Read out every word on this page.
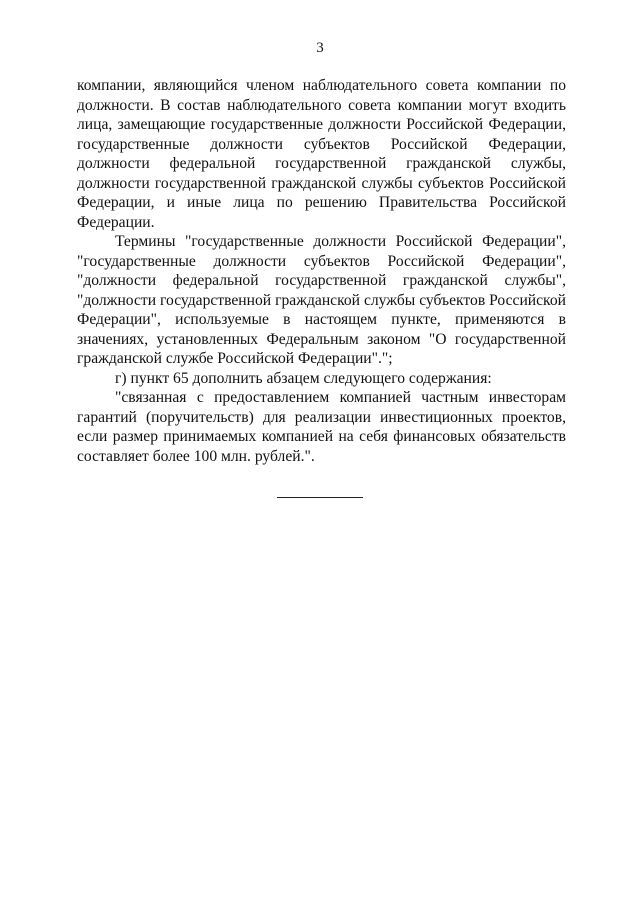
3

компании, являющийся членом наблюдательного совета компании по должности. В состав наблюдательного совета компании могут входить лица, замещающие государственные должности Российской Федерации, государственные должности субъектов Российской Федерации, должности федеральной государственной гражданской службы, должности государственной гражданской службы субъектов Российской Федерации, и иные лица по решению Правительства Российской Федерации.

Термины "государственные должности Российской Федерации", "государственные должности субъектов Российской Федерации", "должности федеральной государственной гражданской службы", "должности государственной гражданской службы субъектов Российской Федерации", используемые в настоящем пункте, применяются в значениях, установленных Федеральным законом "О государственной гражданской службе Российской Федерации".";

г) пункт 65 дополнить абзацем следующего содержания:

"связанная с предоставлением компанией частным инвесторам гарантий (поручительств) для реализации инвестиционных проектов, если размер принимаемых компанией на себя финансовых обязательств составляет более 100 млн. рублей.".
